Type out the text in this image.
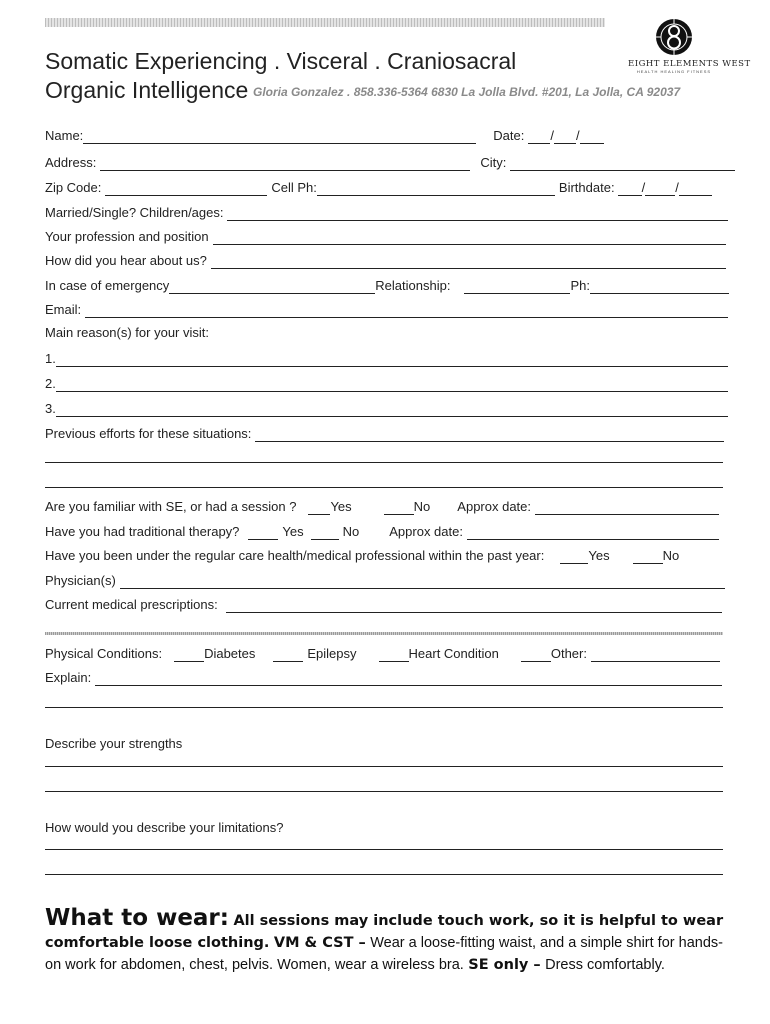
EIGHT ELEMENTS WEST
HEALTH HEALING FITNESS
Somatic Experiencing . Visceral . Craniosacral
Organic Intelligence Gloria Gonzalez . 858.336-5364 6830 La Jolla Blvd. #201, La Jolla, CA 92037
Name:	Date: / /
Address:	City:
Zip Code:	Cell Ph:	Birthdate: / /
Married/Single? Children/ages:
Your profession and position
How did you hear about us?
In case of emergency	Relationship:	Ph:
Email:
Main reason(s) for your visit:
1.
2.
3.
Previous efforts for these situations:
Are you familiar with SE, or had a session ?	Yes	No Approx date:
Have you had traditional therapy?	Yes	No Approx date:
Have you been under the regular care health/medical professional within the past year:	Yes	No
Physician(s)
Current medical prescriptions:
Physical Conditions:	Diabetes	Epilepsy	Heart Condition	Other:
Explain:
Describe your strengths
How would you describe your limitations?
What to wear: All sessions may include touch work, so it is helpful to wear comfortable loose clothing. VM & CST – Wear a loose-fitting waist, and a simple shirt for hands-on work for abdomen, chest, pelvis. Women, wear a wireless bra. SE only – Dress comfortably.
